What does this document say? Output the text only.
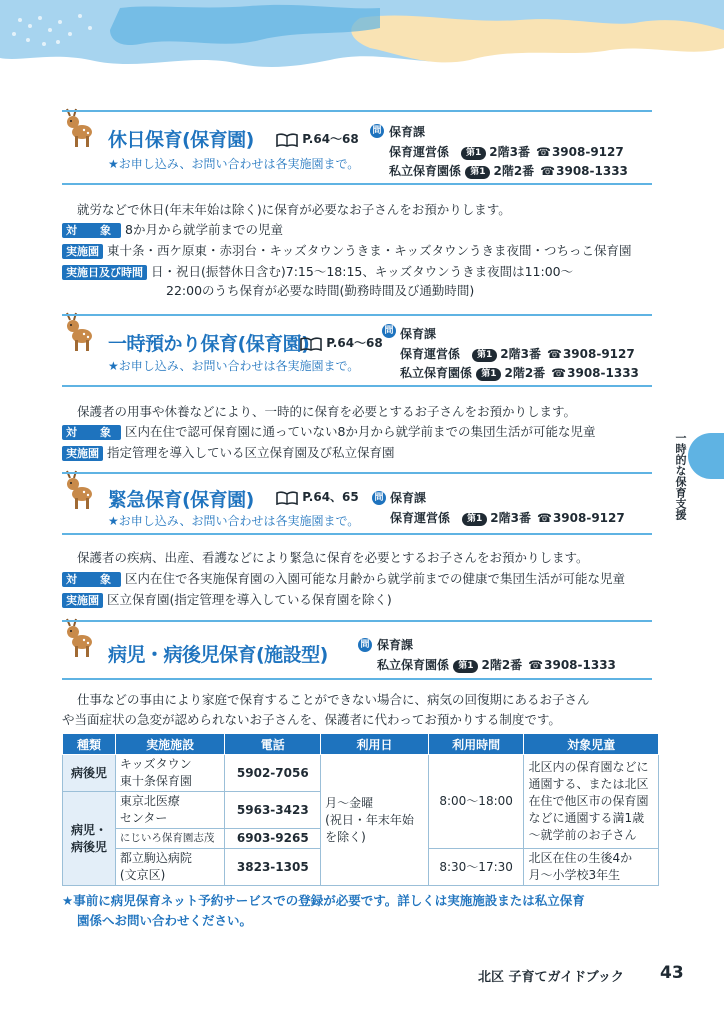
休日保育(保育園)	P.64～68
問 保育課
保育運営係　 第1 2階3番 ☎3908-9127
私立保育園係 第1 2階2番 ☎3908-1333
★お申し込み、お問い合わせは各実施園まで。
就労などで休日(年末年始は除く)に保育が必要なお子さんをお預かりします。
対　象 8か月から就学前までの児童
実施園 東十条・西ケ原東・赤羽台・キッズタウンうきま・キッズタウンうきま夜間・つちっこ保育園
実施日及び時間 日・祝日(振替休日含む)7:15～18:15、キッズタウンうきま夜間は11:00～
22:00のうち保育が必要な時間(勤務時間及び通勤時間)
一時預かり保育(保育園)	P.64～68
問 保育課
保育運営係　 第1 2階3番 ☎3908-9127
私立保育園係 第1 2階2番 ☎3908-1333
★お申し込み、お問い合わせは各実施園まで。
保護者の用事や休養などにより、一時的に保育を必要とするお子さんをお預かりします。
対　象 区内在住で認可保育園に通っていない8か月から就学前までの集団生活が可能な児童
実施園 指定管理を導入している区立保育園及び私立保育園
緊急保育(保育園)	P.64、65 問 保育課
保育運営係　 第1 2階3番 ☎3908-9127
★お申し込み、お問い合わせは各実施園まで。
保護者の疾病、出産、看護などにより緊急に保育を必要とするお子さんをお預かりします。
対　象 区内在住で各実施保育園の入園可能な月齢から就学前までの健康で集団生活が可能な児童
実施園 区立保育園(指定管理を導入している保育園を除く)
病児・病後児保育(施設型)	問 保育課
私立保育園係 第1 2階2番 ☎3908-1333
仕事などの事由により家庭で保育することができない場合に、病気の回復期にあるお子さん
や当面症状の急変が認められないお子さんを、保護者に代わってお預かりする制度です。
種類	実施施設	電話	利用日	利用時間	対象児童
病後児	キッズタウン
東十条保育園	5902-7056	月～金曜
(祝日・年末年始
を除く)	8:00～18:00	北区内の保育園などに
通園する、または北区
在住で他区市の保育園
などに通園する満1歳
～就学前のお子さん
病児・
病後児	東京北医療
センター	5963-3423			
	にじいろ保育園志茂	6903-9265			
	都立駒込病院
(文京区)	3823-1305		8:30～17:30	北区在住の生後4か
月～小学校3年生
★事前に病児保育ネット予約サービスでの登録が必要です。詳しくは実施施設または私立保育
園係へお問い合わせください。
一時的な保育支援
北区 子育てガイドブック 43
